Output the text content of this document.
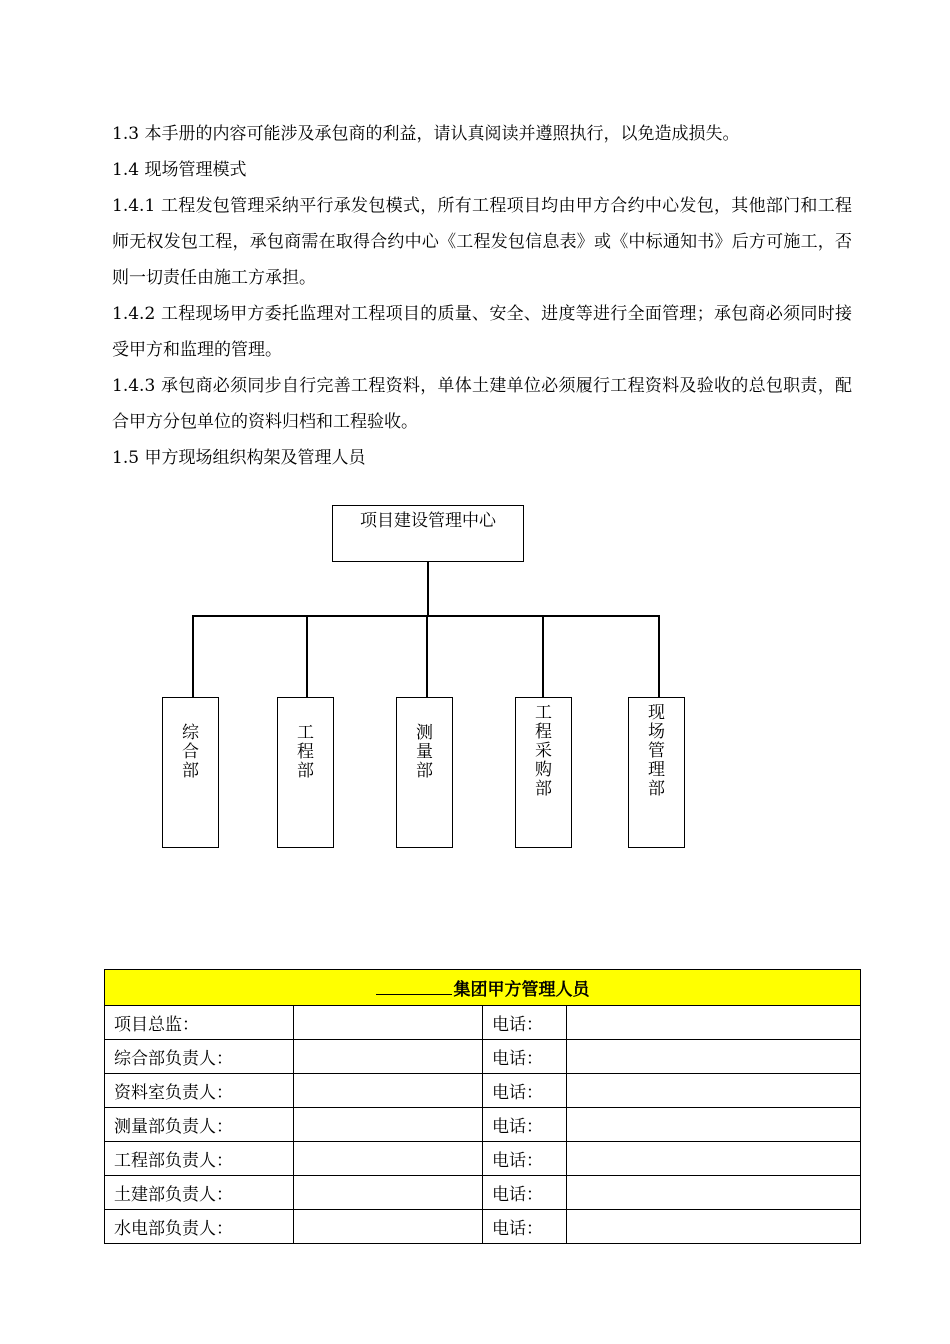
1.3 本手册的内容可能涉及承包商的利益，请认真阅读并遵照执行，以免造成损失。

1.4 现场管理模式

1.4.1 工程发包管理采纳平行承发包模式，所有工程项目均由甲方合约中心发包，其他部门和工程师无权发包工程，承包商需在取得合约中心《工程发包信息表》或《中标通知书》后方可施工，否则一切责任由施工方承担。

1.4.2 工程现场甲方委托监理对工程项目的质量、安全、进度等进行全面管理；承包商必须同时接受甲方和监理的管理。

1.4.3 承包商必须同步自行完善工程资料，单体土建单位必须履行工程资料及验收的总包职责，配合甲方分包单位的资料归档和工程验收。

1.5 甲方现场组织构架及管理人员

项目建设管理中心
综合部
工程部
测量部
工程采购部
现场管理部
集团甲方管理人员			
项目总监：		电话：	
综合部负责人：		电话：	
资料室负责人：		电话：	
测量部负责人：		电话：	
工程部负责人：		电话：	
土建部负责人：		电话：	
水电部负责人：		电话：	
